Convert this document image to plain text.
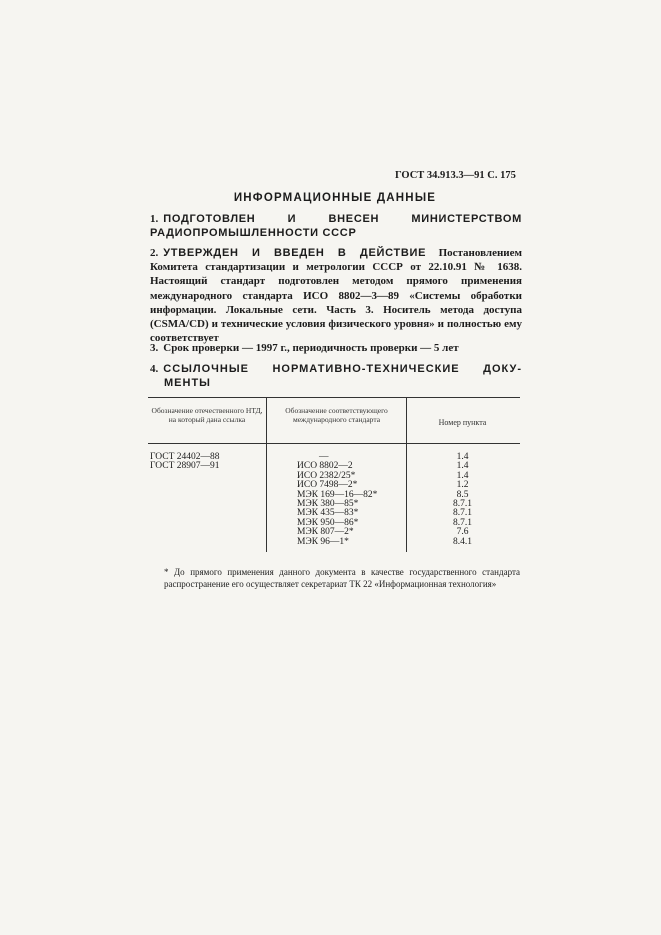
ГОСТ 34.913.3—91 С. 175
ИНФОРМАЦИОННЫЕ ДАННЫЕ
1. ПОДГОТОВЛЕН И ВНЕСЕН МИНИСТЕРСТВОМ РАДИОПРОМЫШЛЕННОСТИ СССР
2. УТВЕРЖДЕН И ВВЕДЕН В ДЕЙСТВИЕ Постановлением Комитета стандартизации и метрологии СССР от 22.10.91 № 1638. Настоящий стандарт подготовлен методом прямого применения международного стандарта ИСО 8802—3—89 «Системы обработки информации. Локальные сети. Часть 3. Носитель метода доступа (CSMA/CD) и технические условия физического уровня» и полностью ему соответствует
3. Срок проверки — 1997 г., периодичность проверки — 5 лет
4. ССЫЛОЧНЫЕ НОРМАТИВНО-ТЕХНИЧЕСКИЕ ДОКУ-
МЕНТЫ
Обозначение отечественного НТД, на который дана ссылка
Обозначение соответствующего международного стандарта	Номер пункта
ГОСТ 24402—88
ГОСТ 28907—91
—
ИСО 8802—2
ИСО 2382/25*
ИСО 7498—2*
МЭК 169—16—82*
МЭК 380—85*
МЭК 435—83*
МЭК 950—86*
МЭК 807—2*
МЭК 96—1*
1.4
1.4
1.4
1.2
8.5
8.7.1
8.7.1
8.7.1
7.6
8.4.1
* До прямого применения данного документа в качестве государственного стандарта распространение его осуществляет секретариат ТК 22 «Информационная технология»
